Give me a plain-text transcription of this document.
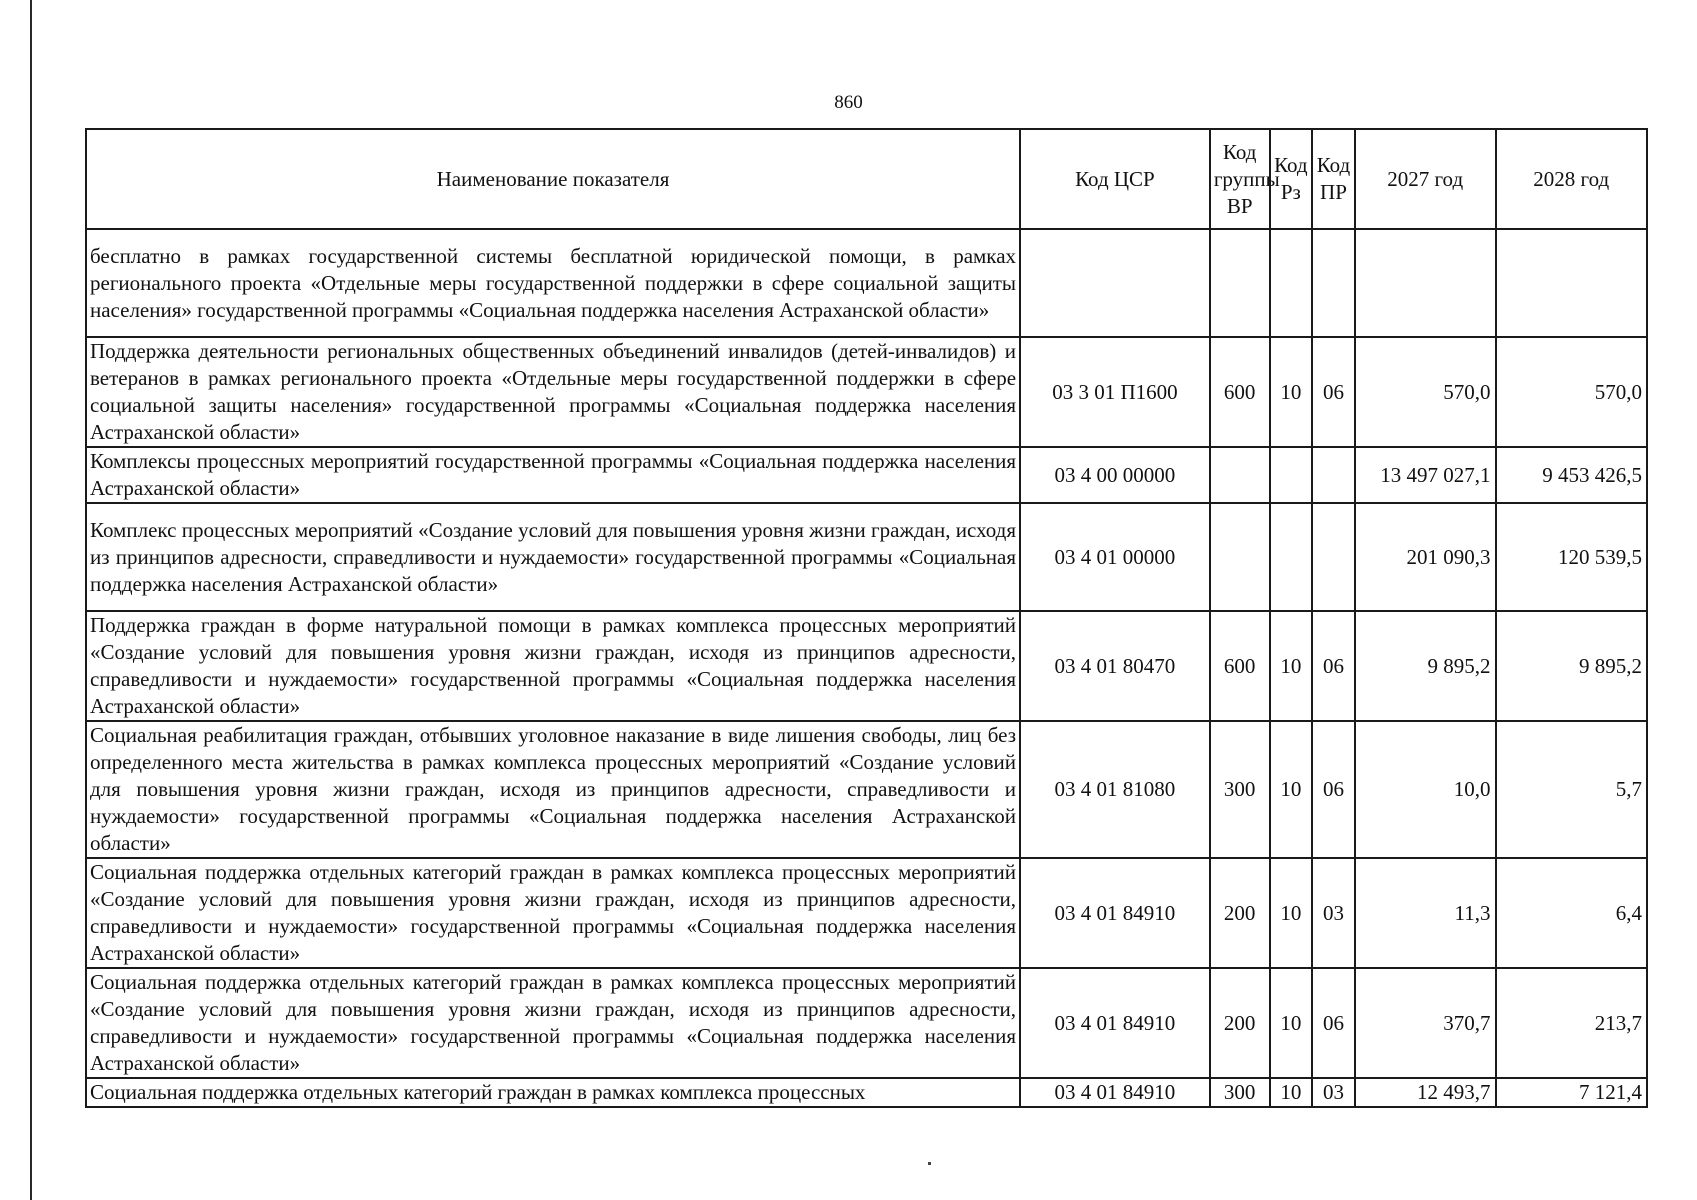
860
Наименование показателя	Код ЦСР	Код группы ВР	Код Рз	Код ПР	2027 год	2028 год
бесплатно в рамках государственной системы бесплатной юридической помощи, в рамках регионального проекта «Отдельные меры государственной поддержки в сфере социальной защиты населения» государственной программы «Социальная поддержка населения Астраханской области»						
Поддержка деятельности региональных общественных объединений инвалидов (детей-инвалидов) и ветеранов в рамках регионального проекта «Отдельные меры государственной поддержки в сфере социальной защиты населения» государственной программы «Социальная поддержка населения Астраханской области»	03 3 01 П1600	600	10	06	570,0	570,0
Комплексы процессных мероприятий государственной программы «Социальная поддержка населения Астраханской области»	03 4 00 00000				13 497 027,1	9 453 426,5
Комплекс процессных мероприятий «Создание условий для повышения уровня жизни граждан, исходя из принципов адресности, справедливости и нуждаемости» государственной программы «Социальная поддержка населения Астраханской области»	03 4 01 00000				201 090,3	120 539,5
Поддержка граждан в форме натуральной помощи в рамках комплекса процессных мероприятий «Создание условий для повышения уровня жизни граждан, исходя из принципов адресности, справедливости и нуждаемости» государственной программы «Социальная поддержка населения Астраханской области»	03 4 01 80470	600	10	06	9 895,2	9 895,2
Социальная реабилитация граждан, отбывших уголовное наказание в виде лишения свободы, лиц без определенного места жительства в рамках комплекса процессных мероприятий «Создание условий для повышения уровня жизни граждан, исходя из принципов адресности, справедливости и нуждаемости» государственной программы «Социальная поддержка населения Астраханской области»	03 4 01 81080	300	10	06	10,0	5,7
Социальная поддержка отдельных категорий граждан в рамках комплекса процессных мероприятий «Создание условий для повышения уровня жизни граждан, исходя из принципов адресности, справедливости и нуждаемости» государственной программы «Социальная поддержка населения Астраханской области»	03 4 01 84910	200	10	03	11,3	6,4
Социальная поддержка отдельных категорий граждан в рамках комплекса процессных мероприятий «Создание условий для повышения уровня жизни граждан, исходя из принципов адресности, справедливости и нуждаемости» государственной программы «Социальная поддержка населения Астраханской области»	03 4 01 84910	200	10	06	370,7	213,7
Социальная поддержка отдельных категорий граждан в рамках комплекса процессных	03 4 01 84910	300	10	03	12 493,7	7 121,4
